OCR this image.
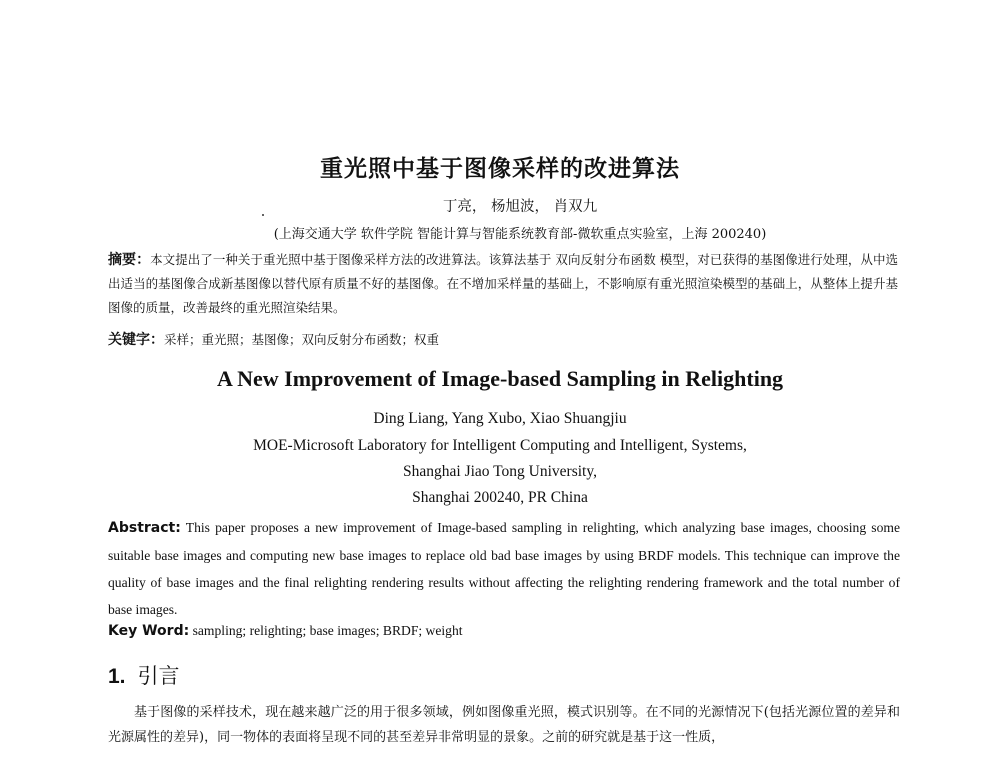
重光照中基于图像采样的改进算法
丁亮， 杨旭波， 肖双九
(上海交通大学 软件学院 智能计算与智能系统教育部-微软重点实验室，上海 200240)
摘要：本文提出了一种关于重光照中基于图像采样方法的改进算法。该算法基于 双向反射分布函数 模型，对已获得的基图像进行处理，从中选出适当的基图像合成新基图像以替代原有质量不好的基图像。在不增加采样量的基础上，不影响原有重光照渲染模型的基础上，从整体上提升基图像的质量，改善最终的重光照渲染结果。
关键字：采样；重光照；基图像；双向反射分布函数；权重
A New Improvement of Image-based Sampling in Relighting
Ding Liang, Yang Xubo, Xiao Shuangjiu
MOE-Microsoft Laboratory for Intelligent Computing and Intelligent, Systems,
Shanghai Jiao Tong University,
Shanghai 200240, PR China
Abstract: This paper proposes a new improvement of Image-based sampling in relighting, which analyzing base images, choosing some suitable base images and computing new base images to replace old bad base images by using BRDF models. This technique can improve the quality of base images and the final relighting rendering results without affecting the relighting rendering framework and the total number of base images.
Key Word: sampling; relighting; base images; BRDF; weight
1. 引言
基于图像的采样技术，现在越来越广泛的用于很多领域，例如图像重光照，模式识别等。在不同的光源情况下(包括光源位置的差异和光源属性的差异)，同一物体的表面将呈现不同的甚至差异非常明显的景象。之前的研究就是基于这一性质，
